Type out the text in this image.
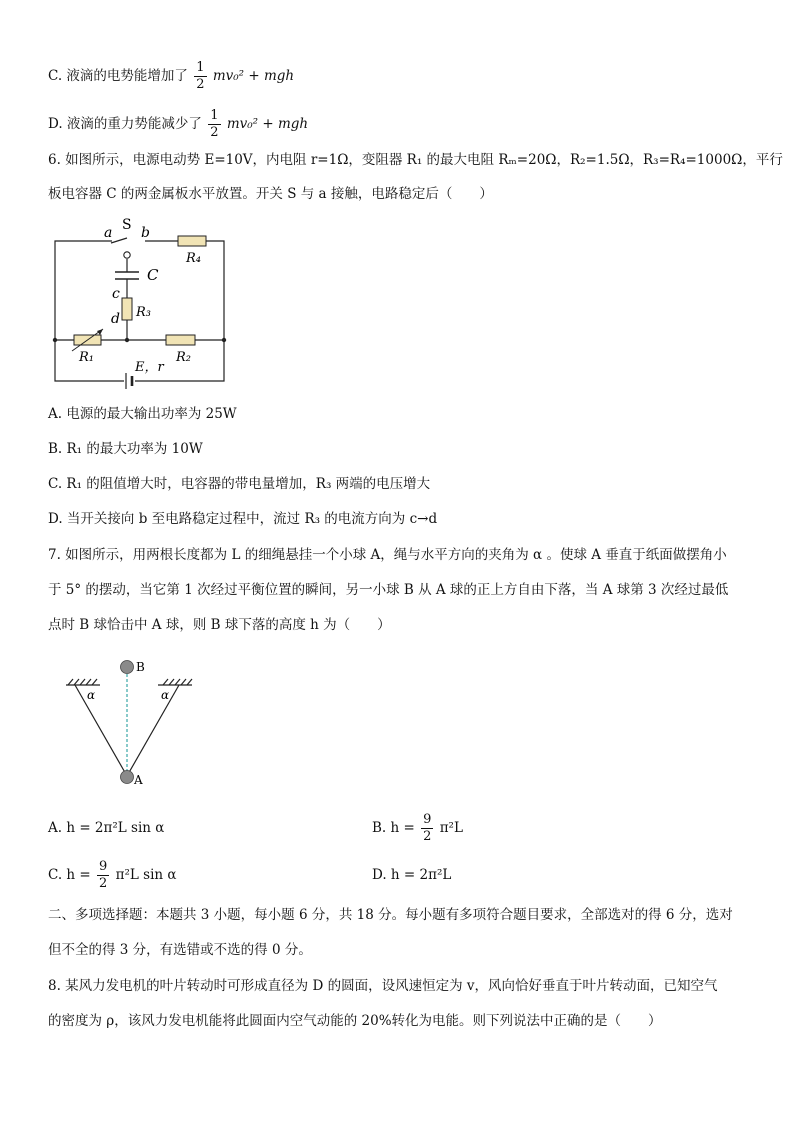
C. 液滴的电势能增加了 $\frac{1}{2} mv_0^2$ + mgh
D. 液滴的重力势能减少了 $\frac{1}{2} mv_0^2$ + mgh
6. 如图所示，电源电动势 E=10V，内电阻 r=1Ω，变阻器 R₁ 的最大电阻 Rₘ=20Ω，R₂=1.5Ω，R₃=R₄=1000Ω，平行
板电容器 C 的两金属板水平放置。开关 S 与 a 接触，电路稳定后（　　）
a S b
R₄
C
c
d R₃
R₁	R₂
E，r
A. 电源的最大输出功率为 25W
B. R₁ 的最大功率为 10W
C. R₁ 的阻值增大时，电容器的带电量增加，R₃ 两端的电压增大
D. 当开关接向 b 至电路稳定过程中，流过 R₃ 的电流方向为 c→d
7. 如图所示，用两根长度都为 L 的细绳悬挂一个小球 A，绳与水平方向的夹角为 α 。使球 A 垂直于纸面做摆角小
于 5° 的摆动，当它第 1 次经过平衡位置的瞬间，另一小球 B 从 A 球的正上方自由下落，当 A 球第 3 次经过最低
点时 B 球恰击中 A 球，则 B 球下落的高度 h 为（　　）
B
A
α	α
A. h = 2π²L sin α	B. $h = \frac{9}{2} \pi^2L$
C. $h = \frac{9}{2} \pi^2L$ sin α	D. h = 2π²L
二、多项选择题：本题共 3 小题，每小题 6 分，共 18 分。每小题有多项符合题目要求，全部选对的得 6 分，选对
但不全的得 3 分，有选错或不选的得 0 分。
8. 某风力发电机的叶片转动时可形成直径为 D 的圆面，设风速恒定为 v，风向恰好垂直于叶片转动面，已知空气
的密度为 ρ，该风力发电机能将此圆面内空气动能的 20%转化为电能。则下列说法中正确的是（　　）
